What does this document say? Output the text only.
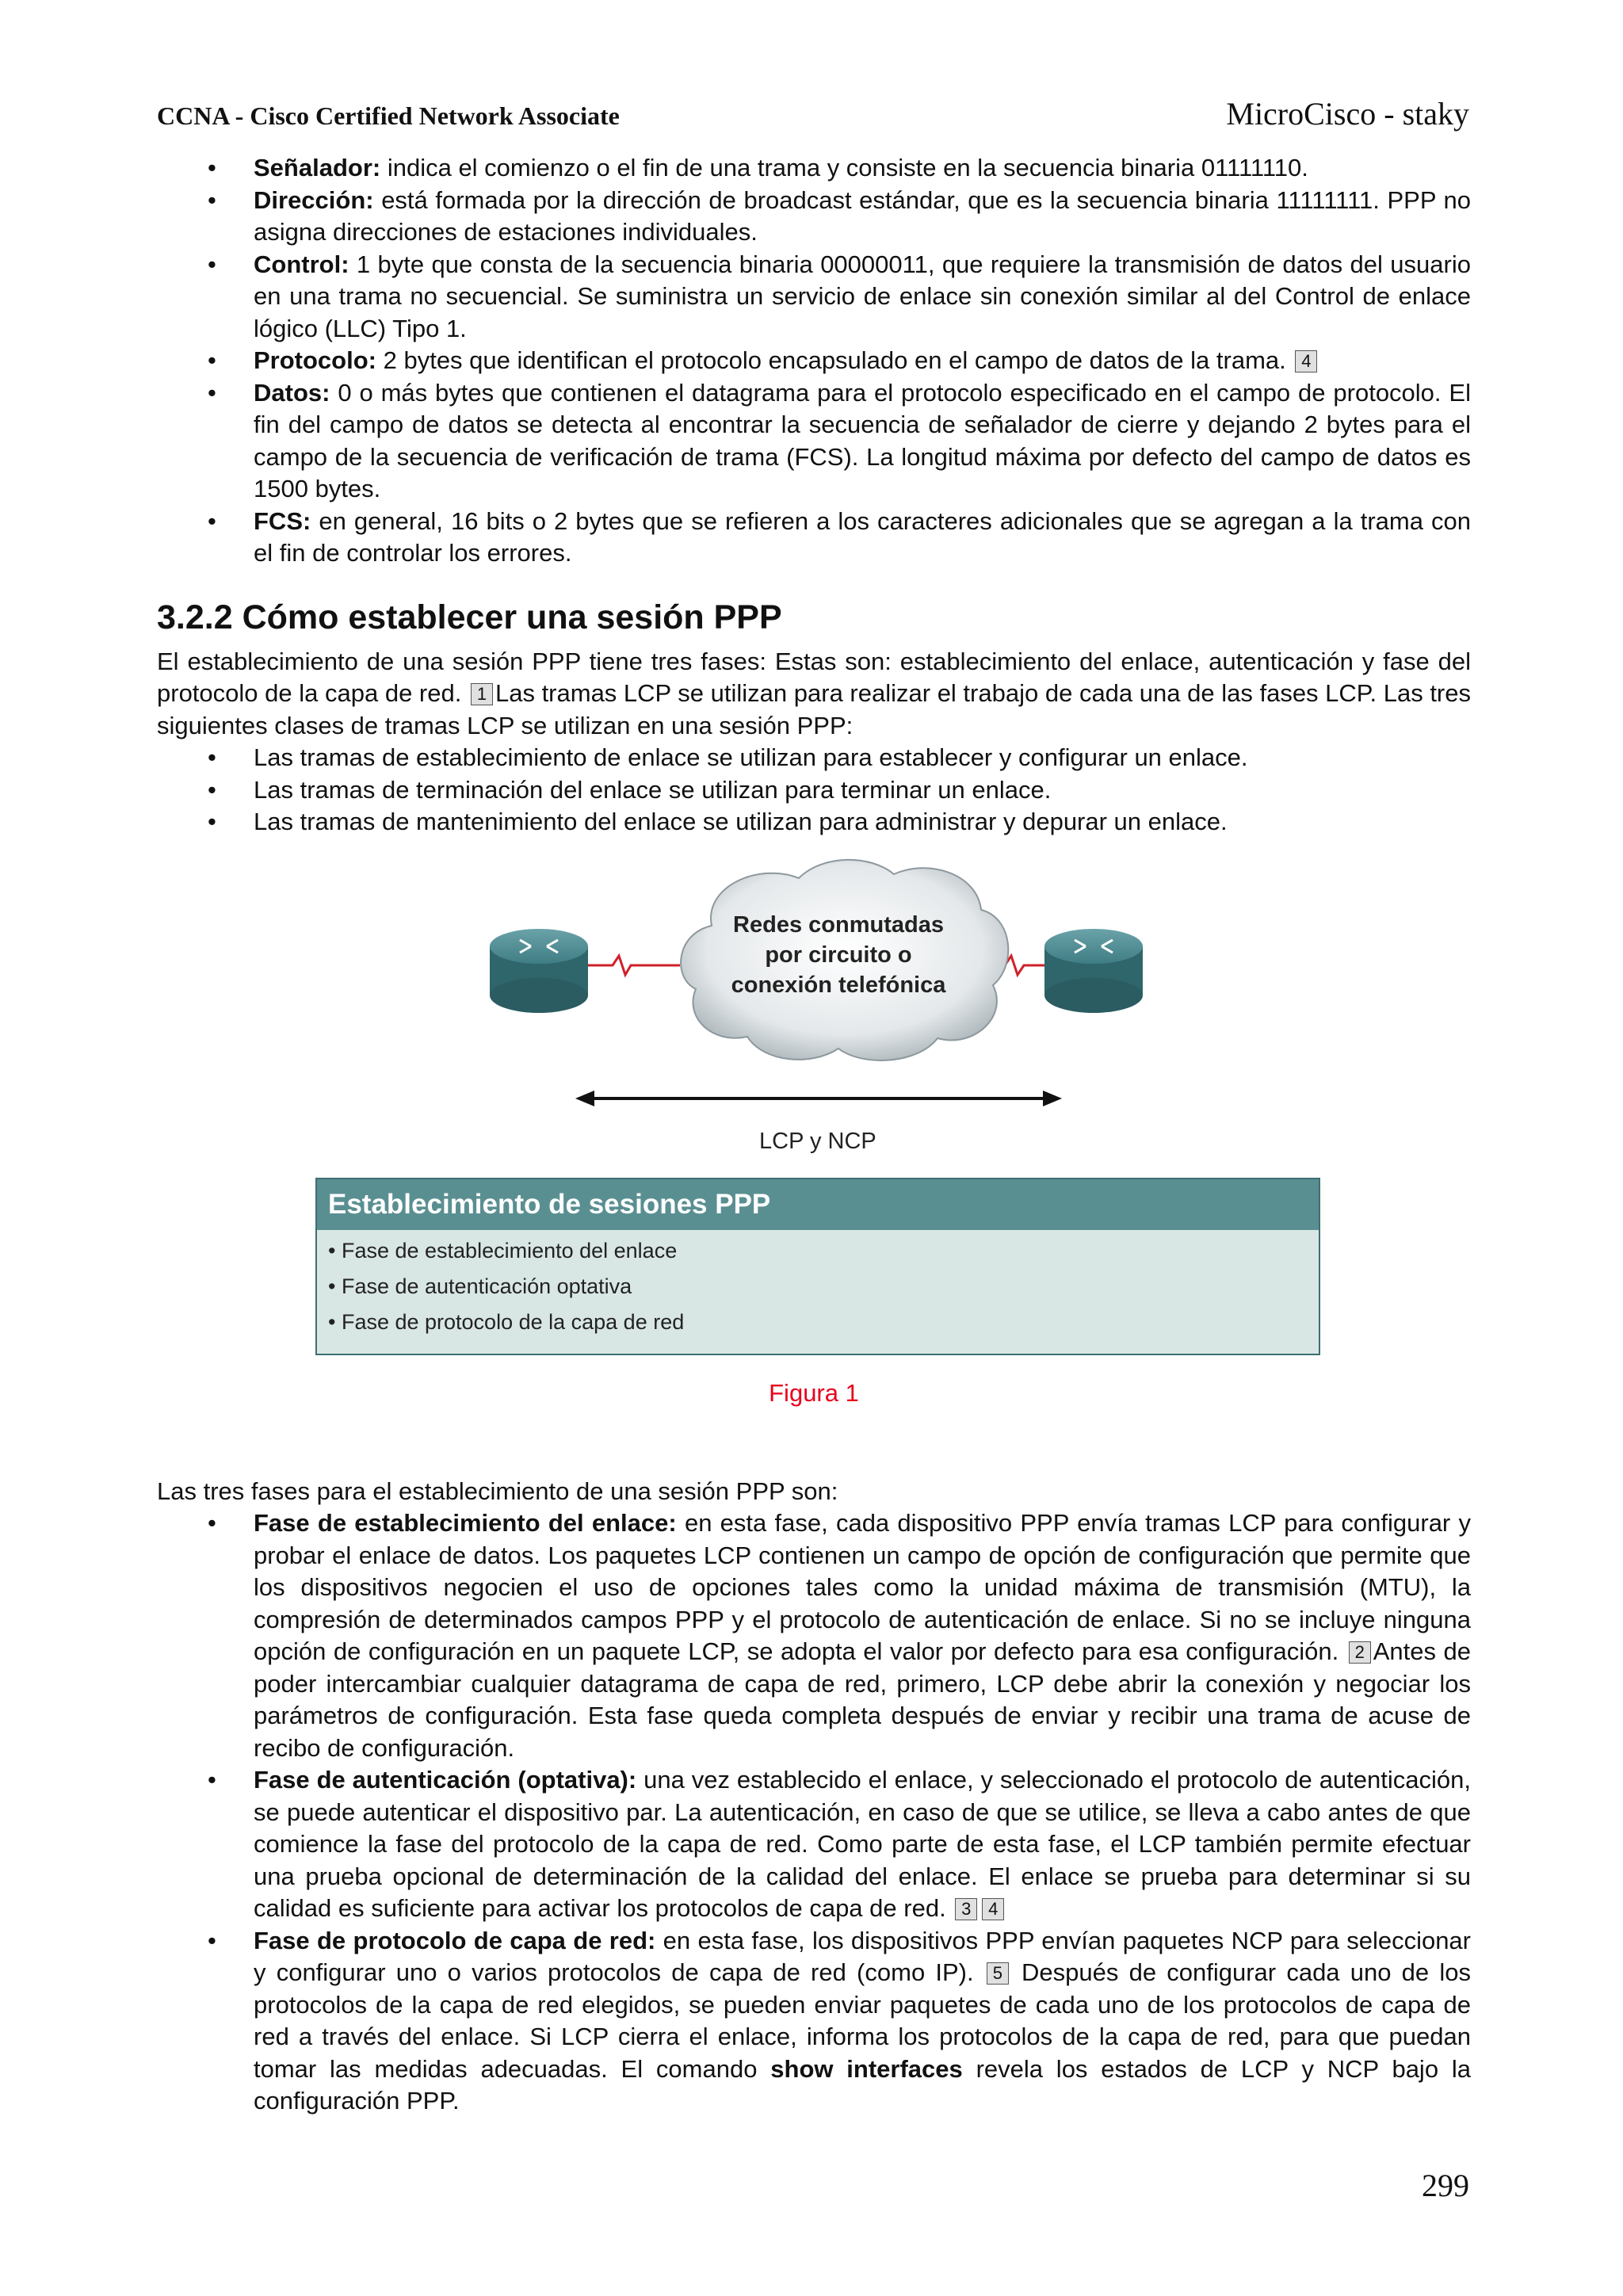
CCNA - Cisco Certified Network Associate	MicroCisco - staky
• Señalador: indica el comienzo o el fin de una trama y consiste en la secuencia binaria 01111110.
• Dirección: está formada por la dirección de broadcast estándar, que es la secuencia binaria 11111111. PPP no asigna direcciones de estaciones individuales.
• Control: 1 byte que consta de la secuencia binaria 00000011, que requiere la transmisión de datos del usuario en una trama no secuencial. Se suministra un servicio de enlace sin conexión similar al del Control de enlace lógico (LLC) Tipo 1.
• Protocolo: 2 bytes que identifican el protocolo encapsulado en el campo de datos de la trama. 4
• Datos: 0 o más bytes que contienen el datagrama para el protocolo especificado en el campo de protocolo. El fin del campo de datos se detecta al encontrar la secuencia de señalador de cierre y dejando 2 bytes para el campo de la secuencia de verificación de trama (FCS). La longitud máxima por defecto del campo de datos es 1500 bytes.
• FCS: en general, 16 bits o 2 bytes que se refieren a los caracteres adicionales que se agregan a la trama con el fin de controlar los errores.
3.2.2 Cómo establecer una sesión PPP

El establecimiento de una sesión PPP tiene tres fases: Estas son: establecimiento del enlace, autenticación y fase del protocolo de la capa de red. 1 Las tramas LCP se utilizan para realizar el trabajo de cada una de las fases LCP. Las tres siguientes clases de tramas LCP se utilizan en una sesión PPP:

• Las tramas de establecimiento de enlace se utilizan para establecer y configurar un enlace.
• Las tramas de terminación del enlace se utilizan para terminar un enlace.
• Las tramas de mantenimiento del enlace se utilizan para administrar y depurar un enlace.
Redes conmutadas
por circuito o
conexión telefónica
LCP y NCP
Establecimiento de sesiones PPP
• Fase de establecimiento del enlace
• Fase de autenticación optativa
• Fase de protocolo de la capa de red
Figura 1

Las tres fases para el establecimiento de una sesión PPP son:

• Fase de establecimiento del enlace: en esta fase, cada dispositivo PPP envía tramas LCP para configurar y probar el enlace de datos. Los paquetes LCP contienen un campo de opción de configuración que permite que los dispositivos negocien el uso de opciones tales como la unidad máxima de transmisión (MTU), la compresión de determinados campos PPP y el protocolo de autenticación de enlace. Si no se incluye ninguna opción de configuración en un paquete LCP, se adopta el valor por defecto para esa configuración. 2 Antes de poder intercambiar cualquier datagrama de capa de red, primero, LCP debe abrir la conexión y negociar los parámetros de configuración. Esta fase queda completa después de enviar y recibir una trama de acuse de recibo de configuración.
• Fase de autenticación (optativa): una vez establecido el enlace, y seleccionado el protocolo de autenticación, se puede autenticar el dispositivo par. La autenticación, en caso de que se utilice, se lleva a cabo antes de que comience la fase del protocolo de la capa de red. Como parte de esta fase, el LCP también permite efectuar una prueba opcional de determinación de la calidad del enlace. El enlace se prueba para determinar si su calidad es suficiente para activar los protocolos de capa de red. 3 4
• Fase de protocolo de capa de red: en esta fase, los dispositivos PPP envían paquetes NCP para seleccionar y configurar uno o varios protocolos de capa de red (como IP). 5 Después de configurar cada uno de los protocolos de la capa de red elegidos, se pueden enviar paquetes de cada uno de los protocolos de capa de red a través del enlace. Si LCP cierra el enlace, informa los protocolos de la capa de red, para que puedan tomar las medidas adecuadas. El comando show interfaces revela los estados de LCP y NCP bajo la configuración PPP.
299
